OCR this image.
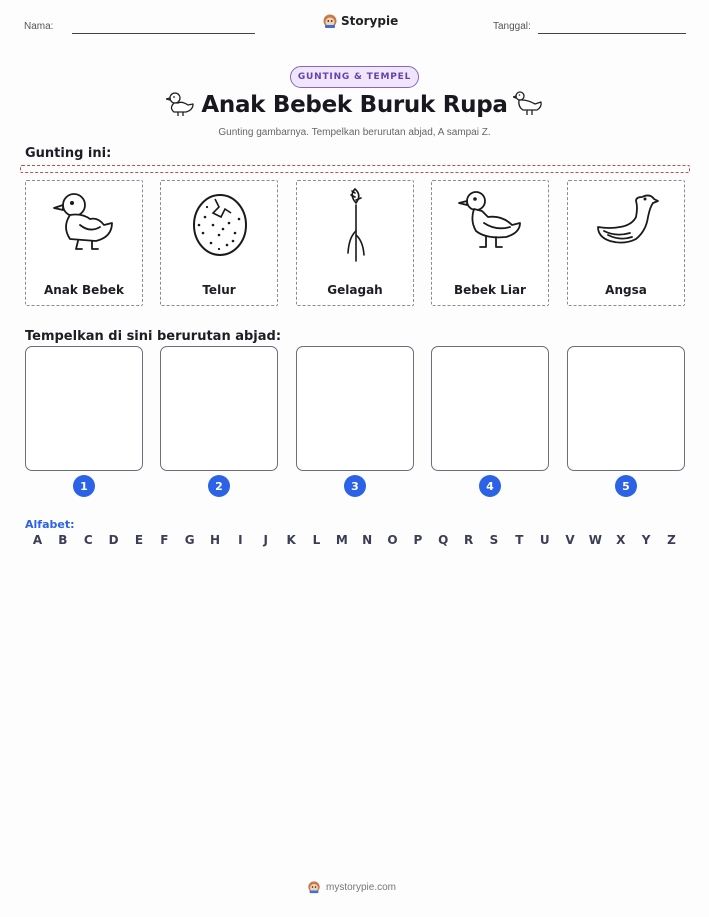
Nama:	Storypie	Tanggal:
GUNTING & TEMPEL
Anak Bebek Buruk Rupa
Gunting gambarnya. Tempelkan berurutan abjad, A sampai Z.
Gunting ini:
Anak Bebek	Telur	Gelagah	Bebek Liar	Angsa
Tempelkan di sini berurutan abjad:
1	2	3	4	5
Alfabet:
A	B	C	D	E	F	G	H	I	J	K	L	M	N	O	P	Q	R	S	T	U	V	W	X	Y	Z
mystorypie.com
